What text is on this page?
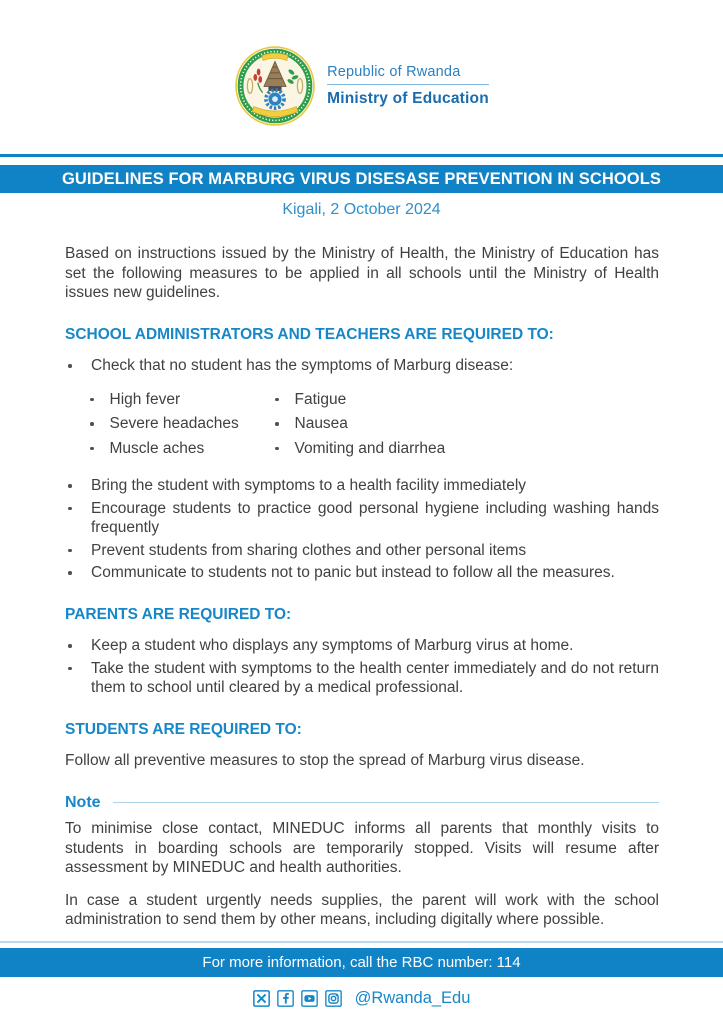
Republic of Rwanda
Ministry of Education
GUIDELINES FOR MARBURG VIRUS DISESASE PREVENTION IN SCHOOLS
Kigali, 2 October 2024

Based on instructions issued by the Ministry of Health, the Ministry of Education has set the following measures to be applied in all schools until the Ministry of Health issues new guidelines.

SCHOOL ADMINISTRATORS AND TEACHERS ARE REQUIRED TO:
Check that no student has the symptoms of Marburg disease:
High fever	Fatigue
Severe headaches	Nausea
Muscle aches	Vomiting and diarrhea
Bring the student with symptoms to a health facility immediately
Encourage students to practice good personal hygiene including washing hands frequently
Prevent students from sharing clothes and other personal items
Communicate to students not to panic but instead to follow all the measures.
PARENTS ARE REQUIRED TO:
Keep a student who displays any symptoms of Marburg virus at home.
Take the student with symptoms to the health center immediately and do not return them to school until cleared by a medical professional.
STUDENTS ARE REQUIRED TO:

Follow all preventive measures to stop the spread of Marburg virus disease.

Note

To minimise close contact, MINEDUC informs all parents that monthly visits to students in boarding schools are temporarily stopped. Visits will resume after assessment by MINEDUC and health authorities.

In case a student urgently needs supplies, the parent will work with the school administration to send them by other means, including digitally where possible.

For more information, call the RBC number: 114
@Rwanda_Edu
